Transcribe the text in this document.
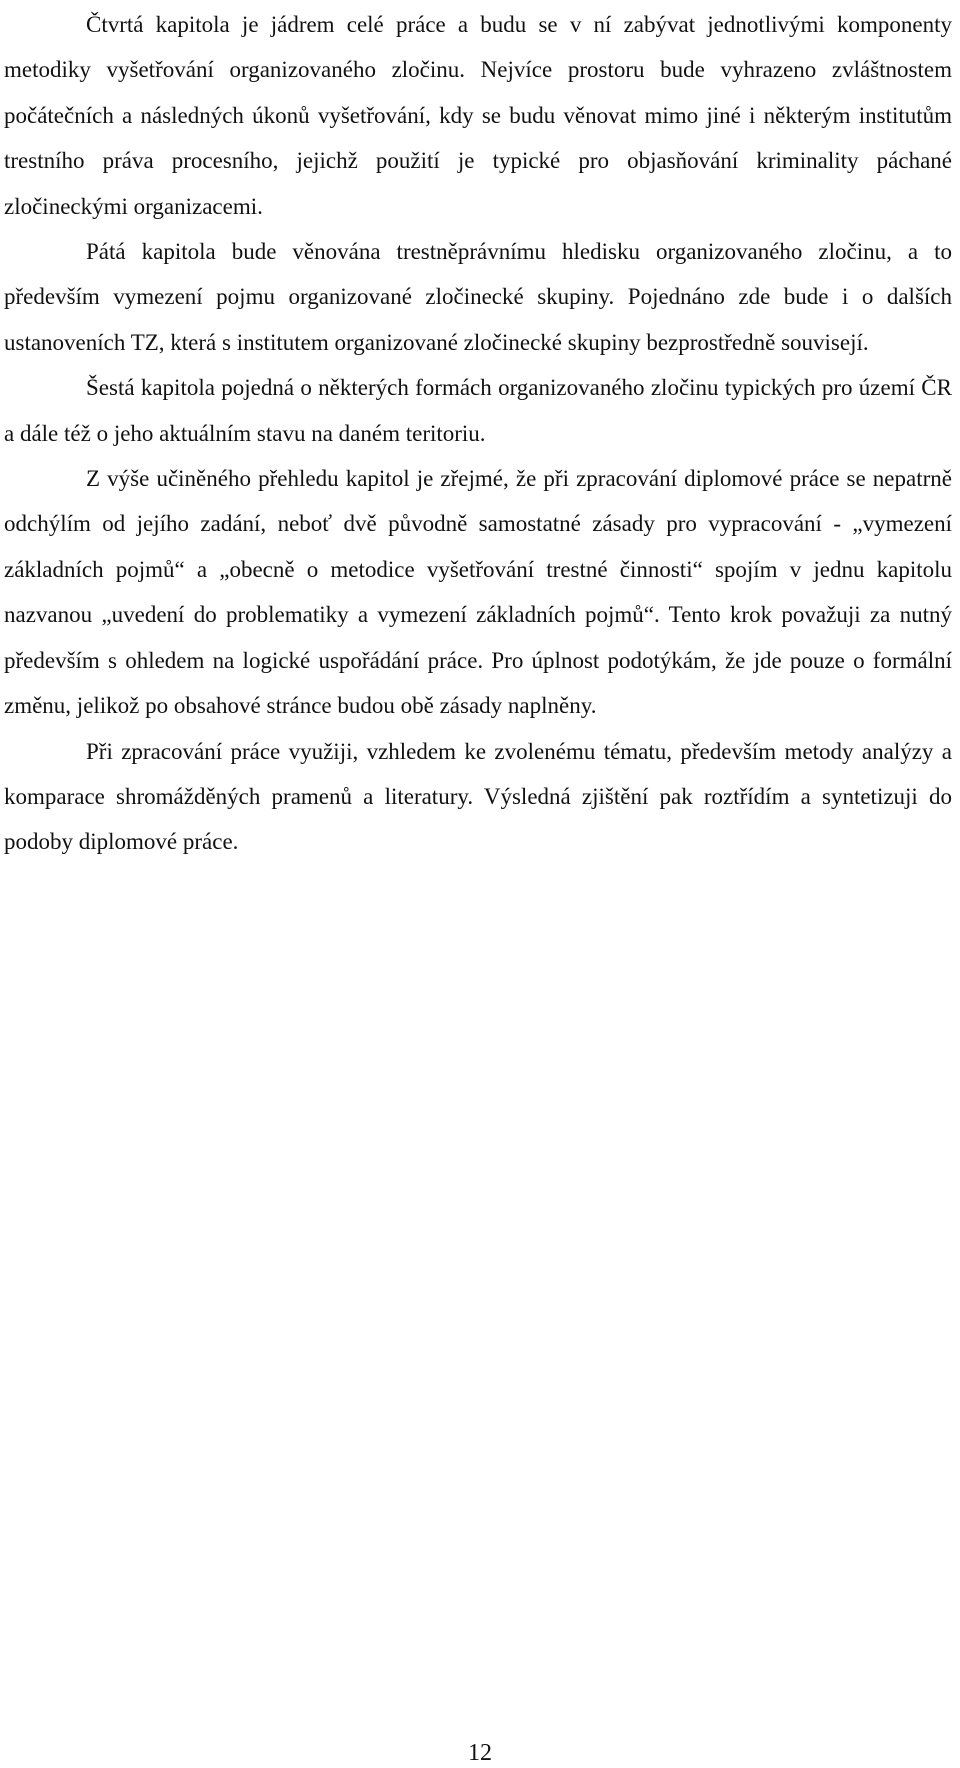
Čtvrtá kapitola je jádrem celé práce a budu se v ní zabývat jednotlivými komponenty metodiky vyšetřování organizovaného zločinu. Nejvíce prostoru bude vyhrazeno zvláštnostem počátečních a následných úkonů vyšetřování, kdy se budu věnovat mimo jiné i některým institutům trestního práva procesního, jejichž použití je typické pro objasňování kriminality páchané zločineckými organizacemi.

Pátá kapitola bude věnována trestněprávnímu hledisku organizovaného zločinu, a to především vymezení pojmu organizované zločinecké skupiny. Pojednáno zde bude i o dalších ustanoveních TZ, která s institutem organizované zločinecké skupiny bezprostředně souvisejí.

Šestá kapitola pojedná o některých formách organizovaného zločinu typických pro území ČR a dále též o jeho aktuálním stavu na daném teritoriu.

Z výše učiněného přehledu kapitol je zřejmé, že při zpracování diplomové práce se nepatrně odchýlím od jejího zadání, neboť dvě původně samostatné zásady pro vypracování - „vymezení základních pojmů“ a „obecně o metodice vyšetřování trestné činnosti“ spojím v jednu kapitolu nazvanou „uvedení do problematiky a vymezení základních pojmů“. Tento krok považuji za nutný především s ohledem na logické uspořádání práce. Pro úplnost podotýkám, že jde pouze o formální změnu, jelikož po obsahové stránce budou obě zásady naplněny.

Při zpracování práce využiji, vzhledem ke zvolenému tématu, především metody analýzy a komparace shromážděných pramenů a literatury. Výsledná zjištění pak roztřídím a syntetizuji do podoby diplomové práce.

12
